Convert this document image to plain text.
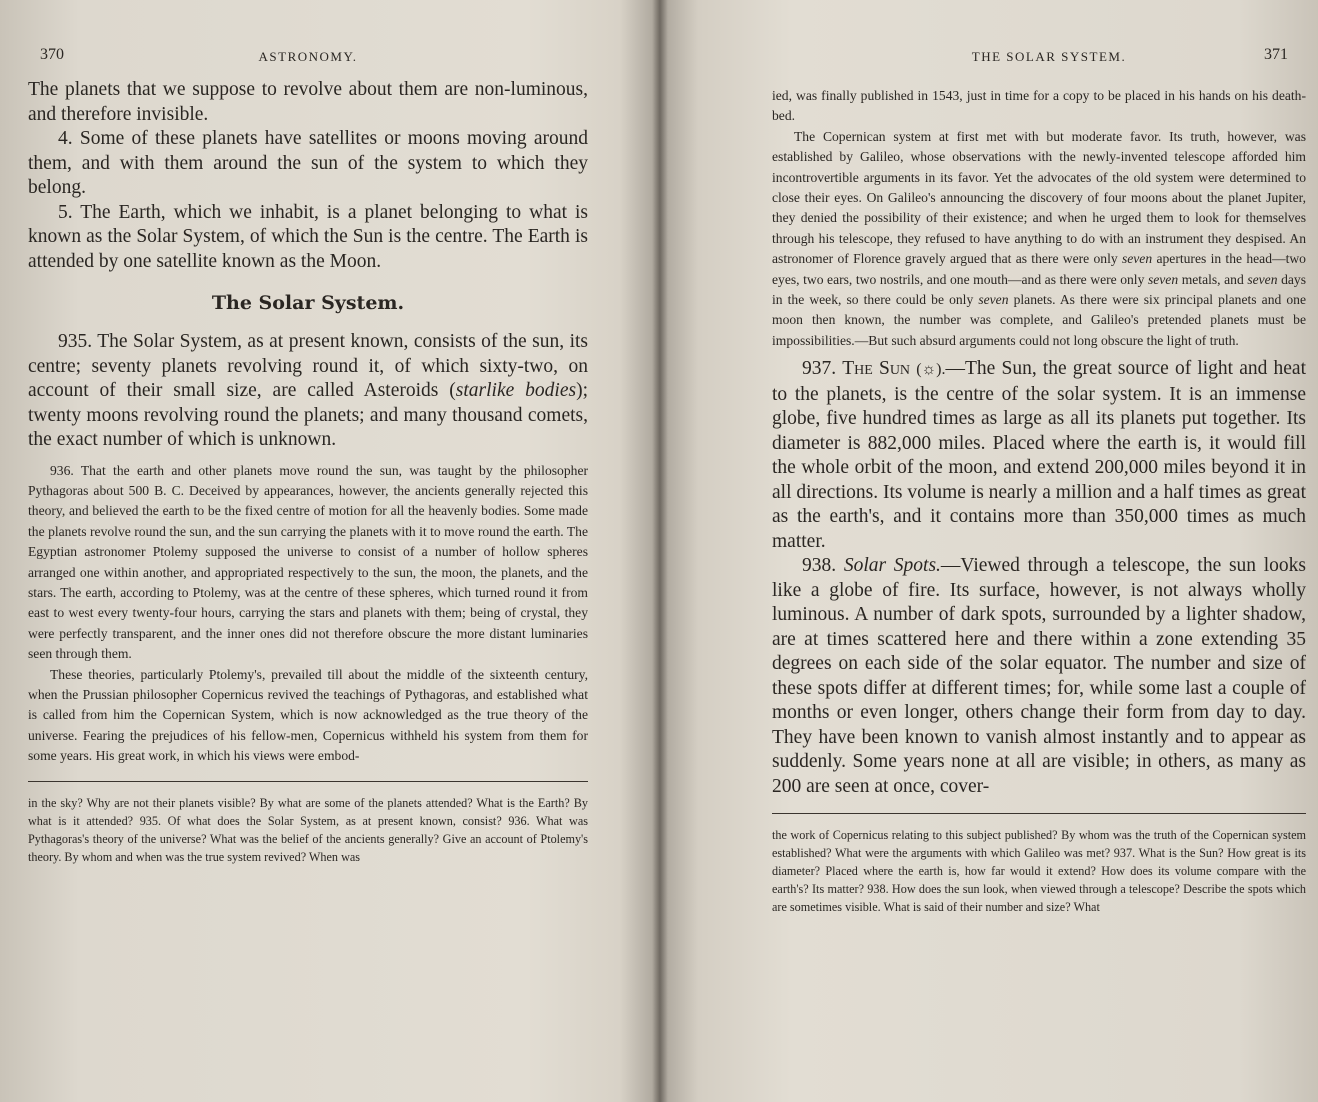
370	ASTRONOMY.

The planets that we suppose to revolve about them are non-luminous, and therefore invisible.

4. Some of these planets have satellites or moons moving around them, and with them around the sun of the system to which they belong.

5. The Earth, which we inhabit, is a planet belonging to what is known as the Solar System, of which the Sun is the centre. The Earth is attended by one satellite known as the Moon.

The Solar System.

935. The Solar System, as at present known, consists of the sun, its centre; seventy planets revolving round it, of which sixty-two, on account of their small size, are called Asteroids (starlike bodies); twenty moons revolving round the planets; and many thousand comets, the exact number of which is unknown.

936. That the earth and other planets move round the sun, was taught by the philosopher Pythagoras about 500 B. C. Deceived by appearances, however, the ancients generally rejected this theory, and believed the earth to be the fixed centre of motion for all the heavenly bodies. Some made the planets revolve round the sun, and the sun carrying the planets with it to move round the earth. The Egyptian astronomer Ptolemy supposed the universe to consist of a number of hollow spheres arranged one within another, and appropriated respectively to the sun, the moon, the planets, and the stars. The earth, according to Ptolemy, was at the centre of these spheres, which turned round it from east to west every twenty-four hours, carrying the stars and planets with them; being of crystal, they were perfectly transparent, and the inner ones did not therefore obscure the more distant luminaries seen through them.

These theories, particularly Ptolemy's, prevailed till about the middle of the sixteenth century, when the Prussian philosopher Copernicus revived the teachings of Pythagoras, and established what is called from him the Copernican System, which is now acknowledged as the true theory of the universe. Fearing the prejudices of his fellow-men, Copernicus withheld his system from them for some years. His great work, in which his views were embod-

in the sky? Why are not their planets visible? By what are some of the planets attended? What is the Earth? By what is it attended? 935. Of what does the Solar System, as at present known, consist? 936. What was Pythagoras's theory of the universe? What was the belief of the ancients generally? Give an account of Ptolemy's theory. By whom and when was the true system revived? When was

THE SOLAR SYSTEM.	371

ied, was finally published in 1543, just in time for a copy to be placed in his hands on his death-bed.

The Copernican system at first met with but moderate favor. Its truth, however, was established by Galileo, whose observations with the newly-invented telescope afforded him incontrovertible arguments in its favor. Yet the advocates of the old system were determined to close their eyes. On Galileo's announcing the discovery of four moons about the planet Jupiter, they denied the possibility of their existence; and when he urged them to look for themselves through his telescope, they refused to have anything to do with an instrument they despised. An astronomer of Florence gravely argued that as there were only seven apertures in the head—two eyes, two ears, two nostrils, and one mouth—and as there were only seven metals, and seven days in the week, so there could be only seven planets. As there were six principal planets and one moon then known, the number was complete, and Galileo's pretended planets must be impossibilities.—But such absurd arguments could not long obscure the light of truth.

937. The Sun (☼).—The Sun, the great source of light and heat to the planets, is the centre of the solar system. It is an immense globe, five hundred times as large as all its planets put together. Its diameter is 882,000 miles. Placed where the earth is, it would fill the whole orbit of the moon, and extend 200,000 miles beyond it in all directions. Its volume is nearly a million and a half times as great as the earth's, and it contains more than 350,000 times as much matter.

938. Solar Spots.—Viewed through a telescope, the sun looks like a globe of fire. Its surface, however, is not always wholly luminous. A number of dark spots, surrounded by a lighter shadow, are at times scattered here and there within a zone extending 35 degrees on each side of the solar equator. The number and size of these spots differ at different times; for, while some last a couple of months or even longer, others change their form from day to day. They have been known to vanish almost instantly and to appear as suddenly. Some years none at all are visible; in others, as many as 200 are seen at once, cover-

the work of Copernicus relating to this subject published? By whom was the truth of the Copernican system established? What were the arguments with which Galileo was met? 937. What is the Sun? How great is its diameter? Placed where the earth is, how far would it extend? How does its volume compare with the earth's? Its matter? 938. How does the sun look, when viewed through a telescope? Describe the spots which are sometimes visible. What is said of their number and size? What
